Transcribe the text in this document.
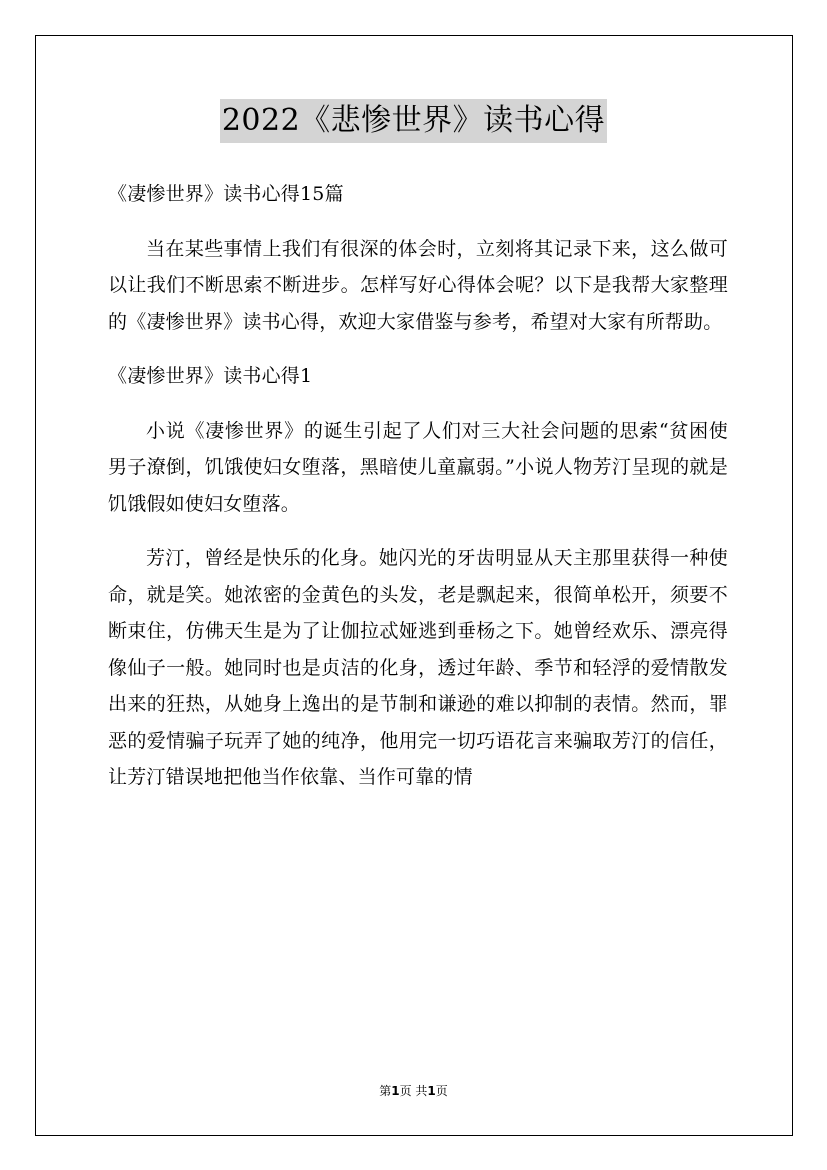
2022《悲惨世界》读书心得

《凄惨世界》读书心得15篇

当在某些事情上我们有很深的体会时，立刻将其记录下来，这么做可以让我们不断思索不断进步。怎样写好心得体会呢？以下是我帮大家整理的《凄惨世界》读书心得，欢迎大家借鉴与参考，希望对大家有所帮助。

《凄惨世界》读书心得1

小说《凄惨世界》的诞生引起了人们对三大社会问题的思索“贫困使男子潦倒，饥饿使妇女堕落，黑暗使儿童羸弱。”小说人物芳汀呈现的就是饥饿假如使妇女堕落。

芳汀，曾经是快乐的化身。她闪光的牙齿明显从天主那里获得一种使命，就是笑。她浓密的金黄色的头发，老是飘起来，很简单松开，须要不断束住，仿佛天生是为了让伽拉忒娅逃到垂杨之下。她曾经欢乐、漂亮得像仙子一般。她同时也是贞洁的化身，透过年龄、季节和轻浮的爱情散发出来的狂热，从她身上逸出的是节制和谦逊的难以抑制的表情。然而，罪恶的爱情骗子玩弄了她的纯净，他用完一切巧语花言来骗取芳汀的信任，让芳汀错误地把他当作依靠、当作可靠的情

第1页 共1页
